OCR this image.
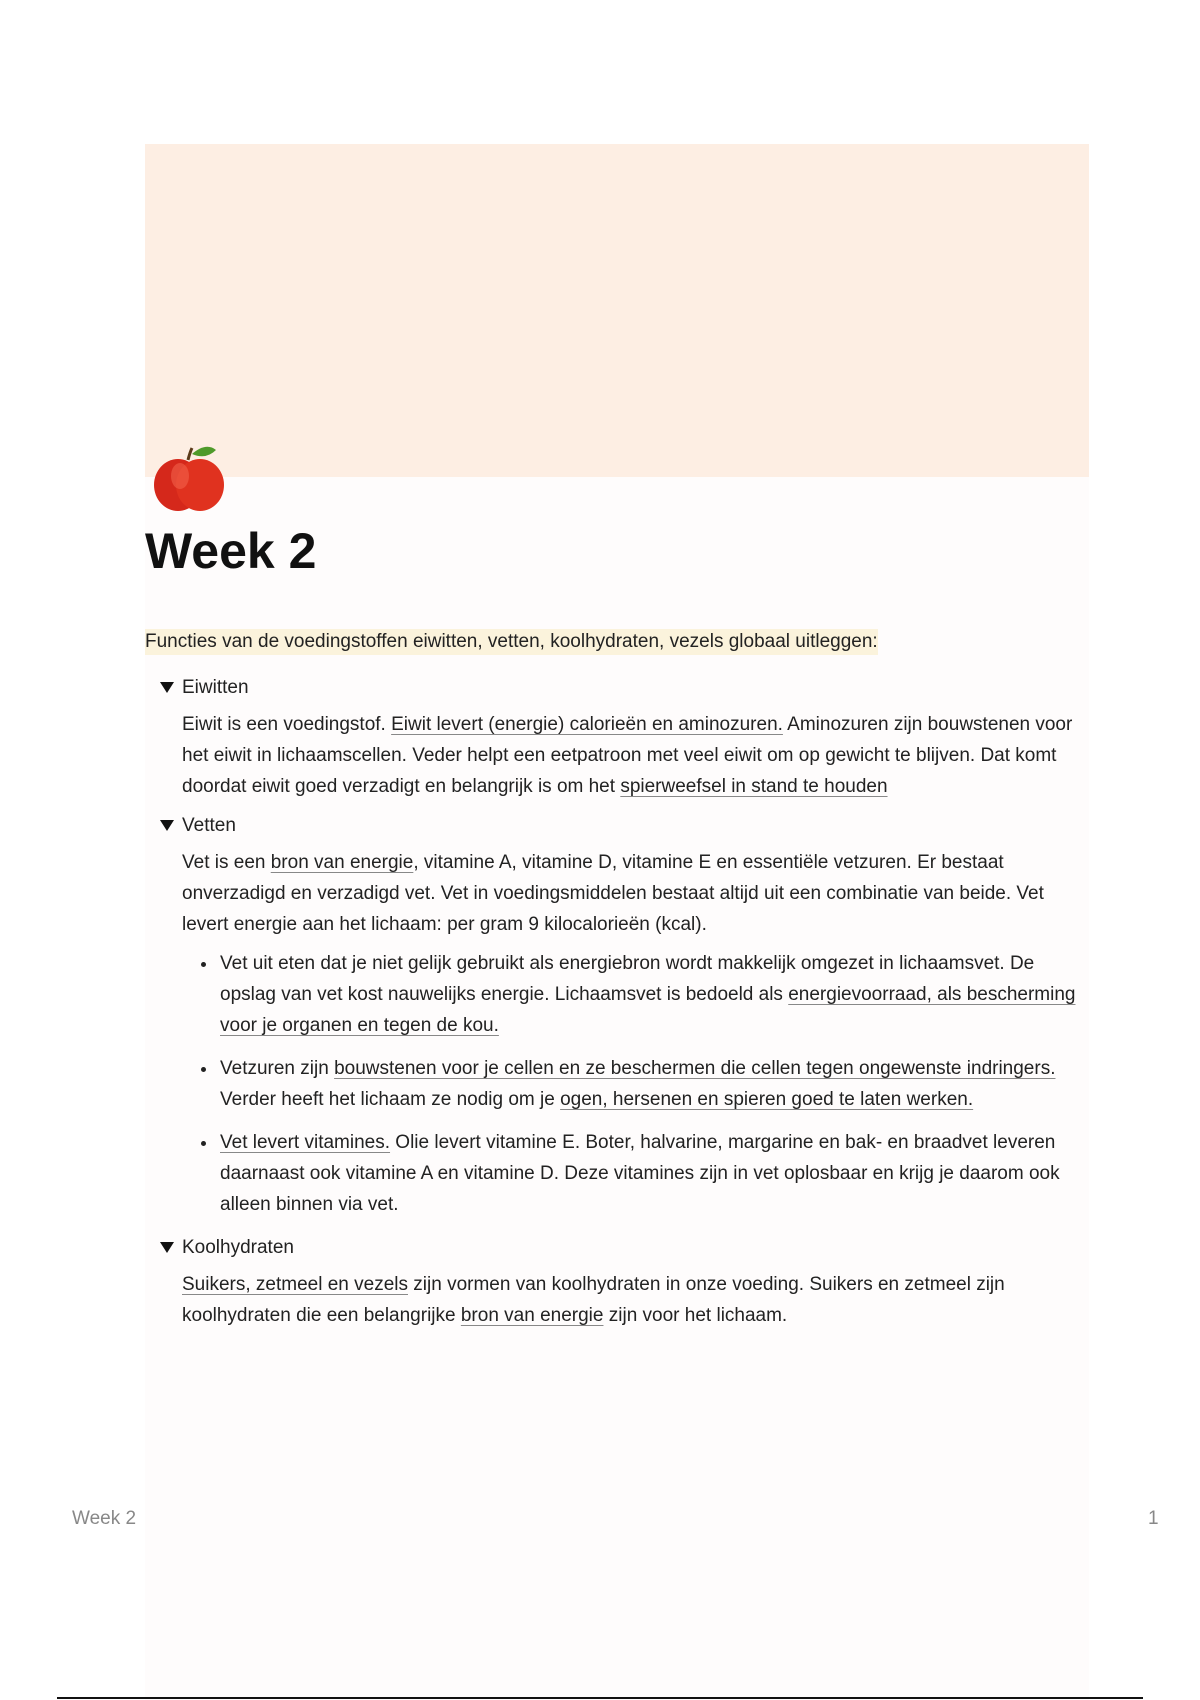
Week 2
Functies van de voedingstoffen eiwitten, vetten, koolhydraten, vezels globaal uitleggen:
Eiwitten

Eiwit is een voedingstof. Eiwit levert (energie) calorieën en aminozuren. Aminozuren zijn bouwstenen voor het eiwit in lichaamscellen. Veder helpt een eetpatroon met veel eiwit om op gewicht te blijven. Dat komt doordat eiwit goed verzadigt en belangrijk is om het spierweefsel in stand te houden

Vetten

Vet is een bron van energie, vitamine A, vitamine D, vitamine E en essentiële vetzuren. Er bestaat onverzadigd en verzadigd vet. Vet in voedingsmiddelen bestaat altijd uit een combinatie van beide. Vet levert energie aan het lichaam: per gram 9 kilocalorieën (kcal).

• Vet uit eten dat je niet gelijk gebruikt als energiebron wordt makkelijk omgezet in lichaamsvet. De opslag van vet kost nauwelijks energie. Lichaamsvet is bedoeld als energievoorraad, als bescherming voor je organen en tegen de kou.
• Vetzuren zijn bouwstenen voor je cellen en ze beschermen die cellen tegen ongewenste indringers. Verder heeft het lichaam ze nodig om je ogen, hersenen en spieren goed te laten werken.
• Vet levert vitamines. Olie levert vitamine E. Boter, halvarine, margarine en bak- en braadvet leveren daarnaast ook vitamine A en vitamine D. Deze vitamines zijn in vet oplosbaar en krijg je daarom ook alleen binnen via vet.
Koolhydraten

Suikers, zetmeel en vezels zijn vormen van koolhydraten in onze voeding. Suikers en zetmeel zijn koolhydraten die een belangrijke bron van energie zijn voor het lichaam.

Week 2	1
